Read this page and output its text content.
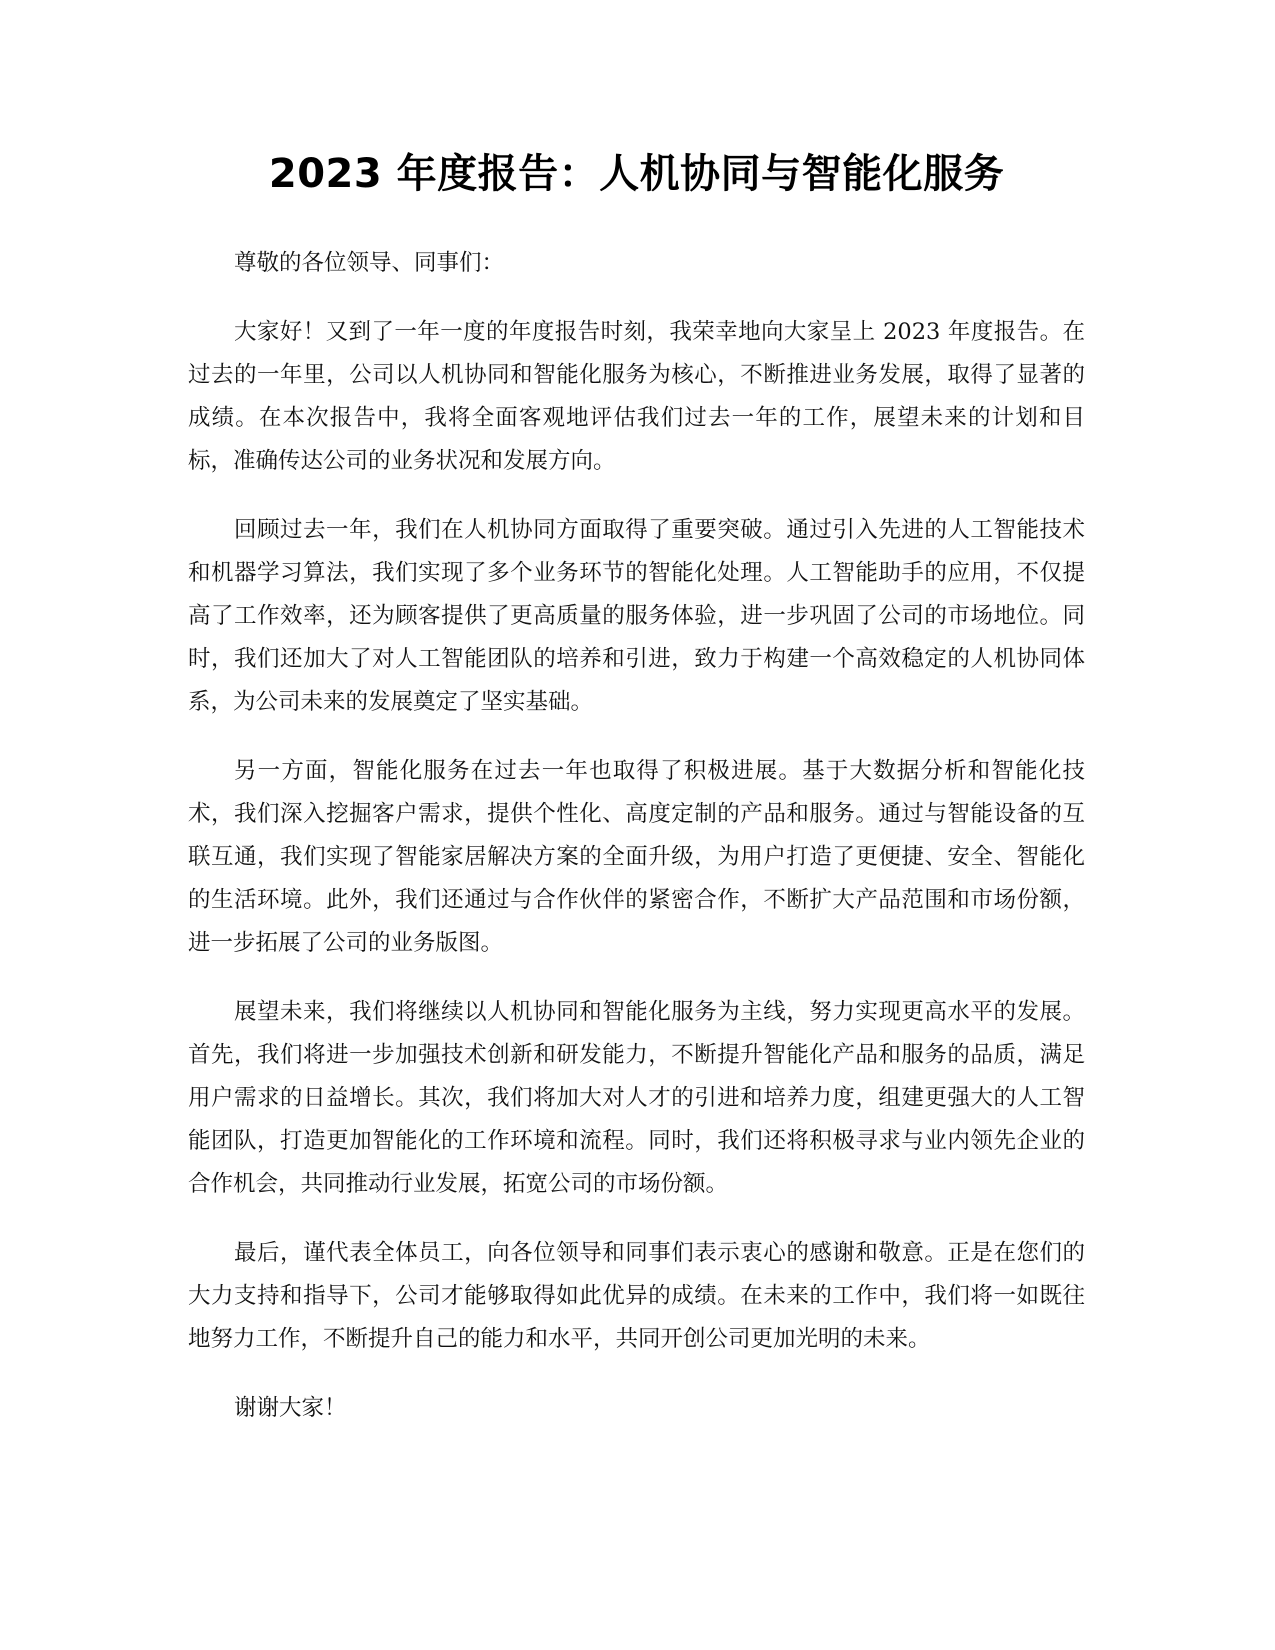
2023 年度报告：人机协同与智能化服务

尊敬的各位领导、同事们：

大家好！又到了一年一度的年度报告时刻，我荣幸地向大家呈上 2023 年度报告。在过去的一年里，公司以人机协同和智能化服务为核心，不断推进业务发展，取得了显著的成绩。在本次报告中，我将全面客观地评估我们过去一年的工作，展望未来的计划和目标，准确传达公司的业务状况和发展方向。

回顾过去一年，我们在人机协同方面取得了重要突破。通过引入先进的人工智能技术和机器学习算法，我们实现了多个业务环节的智能化处理。人工智能助手的应用，不仅提高了工作效率，还为顾客提供了更高质量的服务体验，进一步巩固了公司的市场地位。同时，我们还加大了对人工智能团队的培养和引进，致力于构建一个高效稳定的人机协同体系，为公司未来的发展奠定了坚实基础。

另一方面，智能化服务在过去一年也取得了积极进展。基于大数据分析和智能化技术，我们深入挖掘客户需求，提供个性化、高度定制的产品和服务。通过与智能设备的互联互通，我们实现了智能家居解决方案的全面升级，为用户打造了更便捷、安全、智能化的生活环境。此外，我们还通过与合作伙伴的紧密合作，不断扩大产品范围和市场份额，进一步拓展了公司的业务版图。

展望未来，我们将继续以人机协同和智能化服务为主线，努力实现更高水平的发展。首先，我们将进一步加强技术创新和研发能力，不断提升智能化产品和服务的品质，满足用户需求的日益增长。其次，我们将加大对人才的引进和培养力度，组建更强大的人工智能团队，打造更加智能化的工作环境和流程。同时，我们还将积极寻求与业内领先企业的合作机会，共同推动行业发展，拓宽公司的市场份额。

最后，谨代表全体员工，向各位领导和同事们表示衷心的感谢和敬意。正是在您们的大力支持和指导下，公司才能够取得如此优异的成绩。在未来的工作中，我们将一如既往地努力工作，不断提升自己的能力和水平，共同开创公司更加光明的未来。

谢谢大家！
